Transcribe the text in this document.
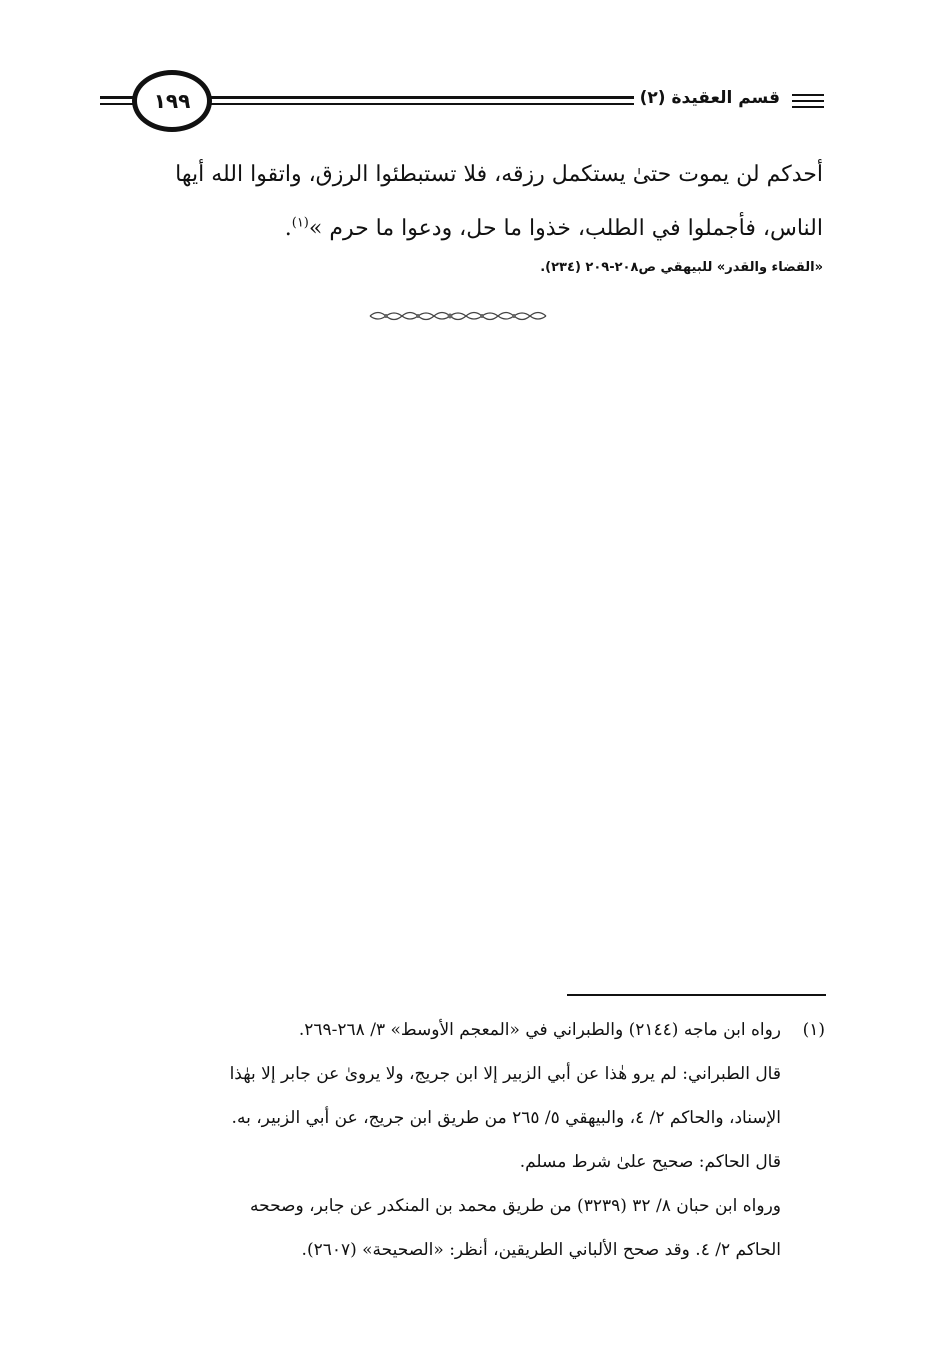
١٩٩	قسم العقيدة (٢)

أحدكم لن يموت حتىٰ يستكمل رزقه، فلا تستبطئوا الرزق، واتقوا الله أيها

الناس، فأجملوا في الطلب، خذوا ما حل، ودعوا ما حرم »$^{(١)}$.

«القضاء والقدر» للبيهقي ص٢٠٨-٢٠٩ (٢٣٤).

(١)رواه ابن ماجه (٢١٤٤) والطبراني في «المعجم الأوسط» ٣/ ٢٦٨-٢٦٩.

قال الطبراني: لم يرو هٰذا عن أبي الزبير إلا ابن جريج، ولا يروىٰ عن جابر إلا بهٰذا

الإسناد، والحاكم ٢/ ٤، والبيهقي ٥/ ٢٦٥ من طريق ابن جريج، عن أبي الزبير، به.

قال الحاكم: صحيح علىٰ شرط مسلم.

ورواه ابن حبان ٨/ ٣٢ (٣٢٣٩) من طريق محمد بن المنكدر عن جابر، وصححه

الحاكم ٢/ ٤. وقد صحح الألباني الطريقين، أنظر: «الصحيحة» (٢٦٠٧).
